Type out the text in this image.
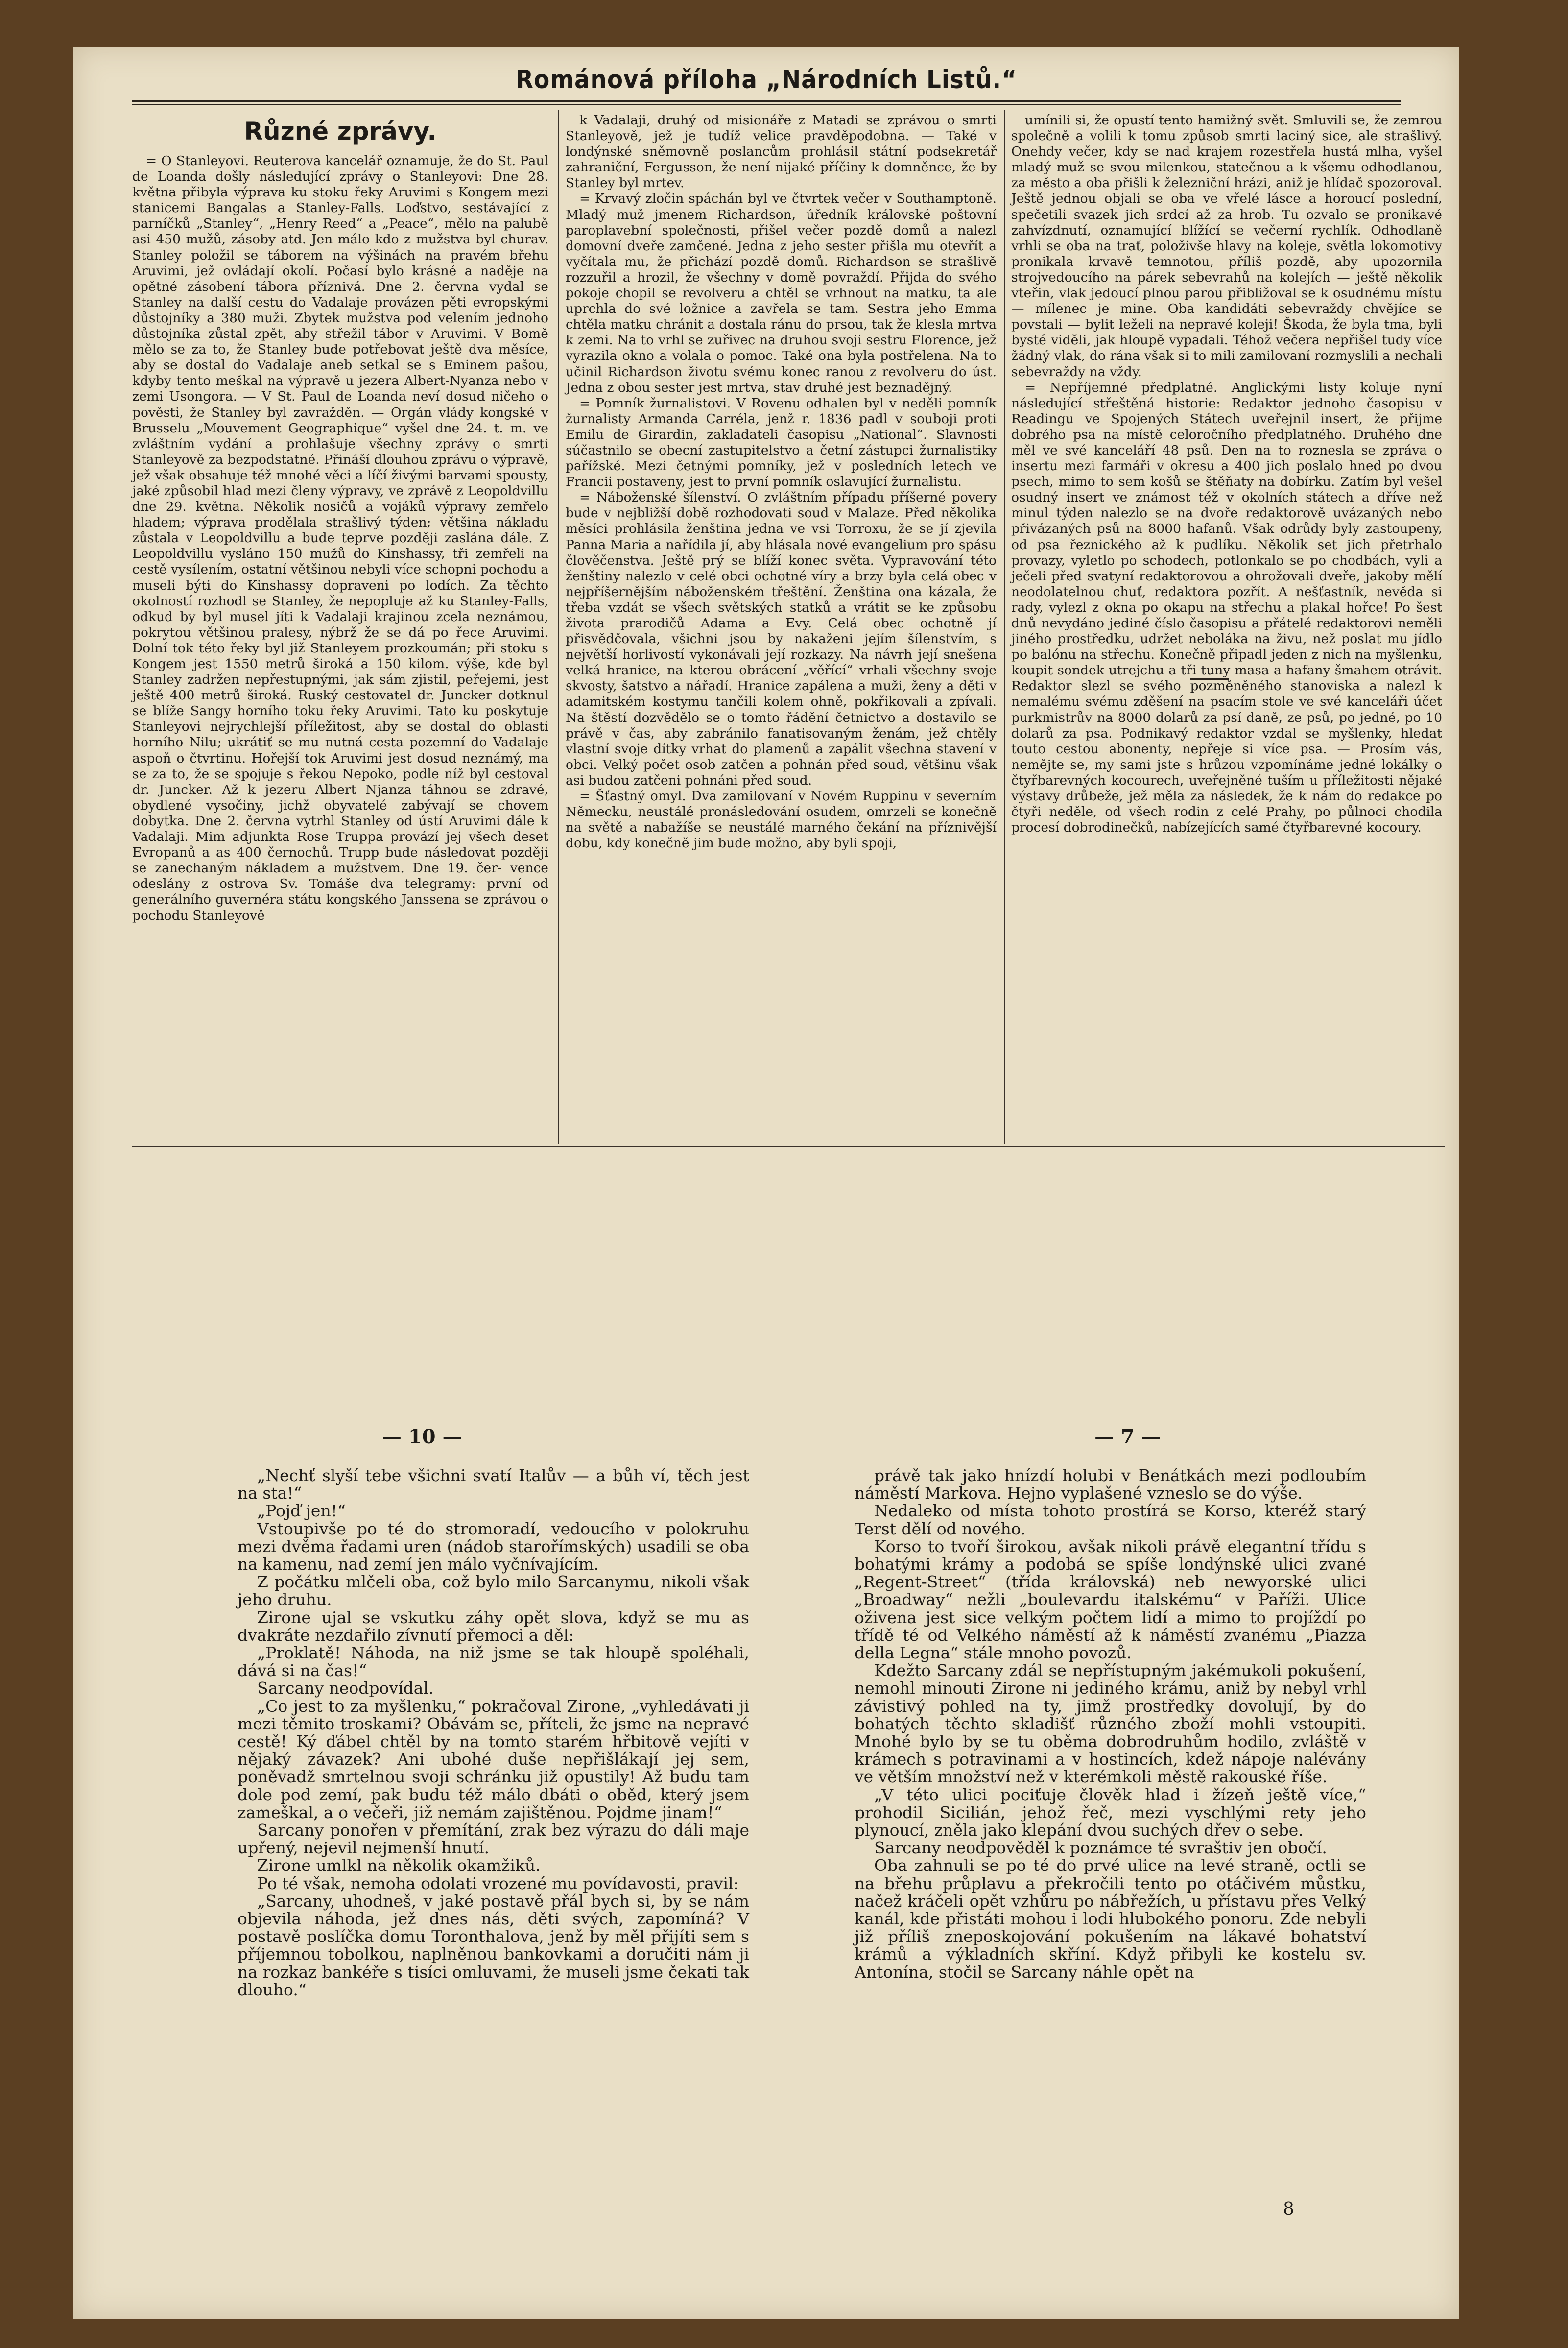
Románová příloha „Národních Listů.“

Různé zprávy.

= O Stanleyovi. Reuterova kancelář oznamuje, že do St. Paul de Loanda došly následující zprávy o Stanleyovi: Dne 28. května přibyla výprava ku stoku řeky Aruvimi s Kongem mezi stanicemi Bangalas a Stanley-Falls. Loďstvo, sestávající z parníčků „Stanley“, „Henry Reed“ a „Peace“, mělo na palubě asi 450 mužů, zásoby atd. Jen málo kdo z mužstva byl churav. Stanley položil se táborem na výšinách na pravém břehu Aruvimi, jež ovládají okolí. Počasí bylo krásné a naděje na opětné zásobení tábora příznivá. Dne 2. června vydal se Stanley na další cestu do Vadalaje provázen pěti evropskými důstojníky a 380 muži. Zbytek mužstva pod velením jednoho důstojníka zůstal zpět, aby střežil tábor v Aruvimi. V Bomě mělo se za to, že Stanley bude potřebovat ještě dva měsíce, aby se dostal do Vadalaje aneb setkal se s Eminem pašou, kdyby tento meškal na výpravě u jezera Albert-Nyanza nebo v zemi Usongora. — V St. Paul de Loanda neví dosud ničeho o pověsti, že Stanley byl zavražděn. — Orgán vlády kongské v Brusselu „Mouvement Geographique“ vyšel dne 24. t. m. ve zvláštním vydání a prohlašuje všechny zprávy o smrti Stanleyově za bezpodstatné. Přináší dlouhou zprávu o výpravě, jež však obsahuje též mnohé věci a líčí živými barvami spousty, jaké způsobil hlad mezi členy výpravy, ve zprávě z Leopoldvillu dne 29. května. Několik nosičů a vojáků výpravy zemřelo hladem; výprava prodělala strašlivý týden; většina nákladu zůstala v Leopoldvillu a bude teprve později zaslána dále. Z Leopoldvillu vysláno 150 mužů do Kinshassy, tři zemřeli na cestě vysílením, ostatní většinou nebyli více schopni pochodu a museli býti do Kinshassy dopraveni po lodích. Za těchto okolností rozhodl se Stanley, že nepopluje až ku Stanley-Falls, odkud by byl musel jíti k Vadalaji krajinou zcela neznámou, pokrytou většinou pralesy, nýbrž že se dá po řece Aruvimi. Dolní tok této řeky byl již Stanleyem prozkoumán; při stoku s Kongem jest 1550 metrů široká a 150 kilom. výše, kde byl Stanley zadržen nepřestupnými, jak sám zjistil, peřejemi, jest ještě 400 metrů široká. Ruský cestovatel dr. Juncker dotknul se blíže Sangy horního toku řeky Aruvimi. Tato ku poskytuje Stanleyovi nejrychlejší příležitost, aby se dostal do oblasti horního Nilu; ukrátiť se mu nutná cesta pozemní do Vadalaje aspoň o čtvrtinu. Hořejší tok Aruvimi jest dosud neznámý, ma se za to, že se spojuje s řekou Nepoko, podle níž byl cestoval dr. Juncker. Až k jezeru Albert Njanza táhnou se zdravé, obydlené vysočiny, jichž obyvatelé zabývají se chovem dobytka. Dne 2. června vytrhl Stanley od ústí Aruvimi dále k Vadalaji. Mim adjunkta Rose Truppa provází jej všech deset Evropanů a as 400 černochů. Trupp bude následovat později se zanechaným nákladem a mužstvem. Dne 19. čer- vence odeslány z ostrova Sv. Tomáše dva telegramy: první od generálního guvernéra státu kongského Janssena se zprávou o pochodu Stanleyově

k Vadalaji, druhý od misionáře z Matadi se zprávou o smrti Stanleyově, jež je tudíž velice pravděpodobna. — Také v londýnské sněmovně poslancům prohlásil státní podsekretář zahraniční, Fergusson, že není nijaké příčiny k domněnce, že by Stanley byl mrtev.

= Krvavý zločin spáchán byl ve čtvrtek večer v Southamptoně. Mladý muž jmenem Richardson, úředník královské poštovní paroplavební společnosti, přišel večer pozdě domů a nalezl domovní dveře zamčené. Jedna z jeho sester přišla mu otevřít a vyčítala mu, že přichází pozdě domů. Richardson se strašlivě rozzuřil a hrozil, že všechny v domě povraždí. Přijda do svého pokoje chopil se revolveru a chtěl se vrhnout na matku, ta ale uprchla do své ložnice a zavřela se tam. Sestra jeho Emma chtěla matku chránit a dostala ránu do prsou, tak že klesla mrtva k zemi. Na to vrhl se zuřivec na druhou svoji sestru Florence, jež vyrazila okno a volala o pomoc. Také ona byla postřelena. Na to učinil Richardson životu svému konec ranou z revolveru do úst. Jedna z obou sester jest mrtva, stav druhé jest beznadějný.

= Pomník žurnalistovi. V Rovenu odhalen byl v neděli pomník žurnalisty Armanda Carréla, jenž r. 1836 padl v souboji proti Emilu de Girardin, zakladateli časopisu „National“. Slavnosti súčastnilo se obecní zastupitelstvo a četní zástupci žurnalistiky pařížské. Mezi četnými pomníky, jež v posledních letech ve Francii postaveny, jest to první pomník oslavující žurnalistu.

= Náboženské šílenství. O zvláštním případu příšerné povery bude v nejbližší době rozhodovati soud v Malaze. Před několika měsíci prohlásila ženština jedna ve vsi Torroxu, že se jí zjevila Panna Maria a nařídila jí, aby hlásala nové evangelium pro spásu člověčenstva. Ještě prý se blíží konec světa. Vypravování této ženštiny nalezlo v celé obci ochotné víry a brzy byla celá obec v nejpříšernějším náboženském třeštění. Ženština ona kázala, že třeba vzdát se všech světských statků a vrátit se ke způsobu života prarodičů Adama a Evy. Celá obec ochotně jí přisvědčovala, všichni jsou by nakaženi jejím šílenstvím, s největší horlivostí vykonávali její rozkazy. Na návrh její snešena velká hranice, na kterou obrácení „věřící“ vrhali všechny svoje skvosty, šatstvo a nářadí. Hranice zapálena a muži, ženy a děti v adamitském kostymu tančili kolem ohně, pokřikovali a zpívali. Na štěstí dozvědělo se o tomto řádění četnictvo a dostavilo se právě v čas, aby zabránilo fanatisovaným ženám, jež chtěly vlastní svoje dítky vrhat do plamenů a zapálit všechna stavení v obci. Velký počet osob zatčen a pohnán před soud, většinu však asi budou zatčeni pohnáni před soud.

= Šťastný omyl. Dva zamilovaní v Novém Ruppinu v severním Německu, neustálé pronásledování osudem, omrzeli se konečně na světě a nabažíše se neustálé marného čekání na příznivější dobu, kdy konečně jim bude možno, aby byli spoji,

umínili si, že opustí tento hamižný svět. Smluvili se, že zemrou společně a volili k tomu způsob smrti laciný sice, ale strašlivý. Onehdy večer, kdy se nad krajem rozestřela hustá mlha, vyšel mladý muž se svou milenkou, statečnou a k všemu odhodlanou, za město a oba přišli k železniční hrázi, aniž je hlídač spozoroval. Ještě jednou objali se oba ve vřelé lásce a horoucí poslední, spečetili svazek jich srdcí až za hrob. Tu ozvalo se pronikavé zahvízdnutí, oznamující blížící se večerní rychlík. Odhodlaně vrhli se oba na trať, položivše hlavy na koleje, světla lokomotivy pronikala krvavě temnotou, příliš pozdě, aby upozornila strojvedoucího na párek sebevrahů na kolejích — ještě několik vteřin, vlak jedoucí plnou parou přibližoval se k osudnému místu — mílenec je mine. Oba kandidáti sebevraždy chvějíce se povstali — bylit leželi na nepravé koleji! Škoda, že byla tma, byli bysté viděli, jak hloupě vypadali. Téhož večera nepřišel tudy více žádný vlak, do rána však si to mili zamilovaní rozmyslili a nechali sebevraždy na vždy.

= Nepříjemné předplatné. Anglickými listy koluje nyní následující střeštěná historie: Redaktor jednoho časopisu v Readingu ve Spojených Státech uveřejnil insert, že přijme dobrého psa na místě celoročního předplatného. Druhého dne měl ve své kanceláří 48 psů. Den na to roznesla se zpráva o insertu mezi farmáři v okresu a 400 jich poslalo hned po dvou psech, mimo to sem košů se štěňaty na dobírku. Zatím byl vešel osudný insert ve známost též v okolních státech a dříve než minul týden nalezlo se na dvoře redaktorově uvázaných nebo přivázaných psů na 8000 hafanů. Však odrůdy byly zastoupeny, od psa řeznického až k pudlíku. Několik set jich přetrhalo provazy, vyletlo po schodech, potlonkalo se po chodbách, vyli a ječeli před svatyní redaktorovou a ohrožovali dveře, jakoby mělí neodolatelnou chuť, redaktora pozřít. A nešťastník, nevěda si rady, vylezl z okna po okapu na střechu a plakal hořce! Po šest dnů nevydáno jediné číslo časopisu a přátelé redaktorovi neměli jiného prostředku, udržet neboláka na živu, než poslat mu jídlo po balónu na střechu. Konečně připadl jeden z nich na myšlenku, koupit sondek utrejchu a tři tuny masa a hafany šmahem otrávit. Redaktor slezl se svého pozměněného stanoviska a nalezl k nemalému svému zděšení na psacím stole ve své kanceláři účet purkmistrův na 8000 dolarů za psí daně, ze psů, po jedné, po 10 dolarů za psa. Podnikavý redaktor vzdal se myšlenky, hledat touto cestou abonenty, nepřeje si více psa. — Prosím vás, nemějte se, my sami jste s hrůzou vzpomínáme jedné lokálky o čtyřbarevných kocourech, uveřejněné tuším u příležitosti nějaké výstavy drůbeže, jež měla za následek, že k nám do redakce po čtyři neděle, od všech rodin z celé Prahy, po půlnoci chodila procesí dobrodinečků, nabízejících samé čtyřbarevné kocoury.

— 10 —	— 7 —

„Nechť slyší tebe všichni svatí Italův — a bůh ví, těch jest na sta!“

„Pojď jen!“

Vstoupivše po té do stromoradí, vedoucího v polokruhu mezi dvěma řadami uren (nádob starořímských) usadili se oba na kamenu, nad zemí jen málo vyčnívajícím.

Z počátku mlčeli oba, což bylo milo Sarcanymu, nikoli však jeho druhu.

Zirone ujal se vskutku záhy opět slova, když se mu as dvakráte nezdařilo zívnutí přemoci a děl:

„Proklatě! Náhoda, na niž jsme se tak hloupě spoléhali, dává si na čas!“

Sarcany neodpovídal.

„Co jest to za myšlenku,“ pokračoval Zirone, „vyhledávati ji mezi těmito troskami? Obávám se, příteli, že jsme na nepravé cestě! Ký ďábel chtěl by na tomto starém hřbitově vejíti v nějaký závazek? Ani ubohé duše nepřišlákají jej sem, poněvadž smrtelnou svoji schránku již opustily! Až budu tam dole pod zemí, pak budu též málo dbáti o oběd, který jsem zameškal, a o večeři, již nemám zajištěnou. Pojdme jinam!“

Sarcany ponořen v přemítání, zrak bez výrazu do dáli maje upřený, nejevil nejmenší hnutí.

Zirone umlkl na několik okamžiků.

Po té však, nemoha odolati vrozené mu povídavosti, pravil:

„Sarcany, uhodneš, v jaké postavě přál bych si, by se nám objevila náhoda, jež dnes nás, děti svých, zapomíná? V postavě poslíčka domu Toronthalova, jenž by měl přijíti sem s příjemnou tobolkou, naplněnou bankovkami a doručiti nám ji na rozkaz bankéře s tisíci omluvami, že museli jsme čekati tak dlouho.“

právě tak jako hnízdí holubi v Benátkách mezi podloubím náměstí Markova. Hejno vyplašené vzneslo se do výše.

Nedaleko od místa tohoto prostírá se Korso, kteréž starý Terst dělí od nového.

Korso to tvoří širokou, avšak nikoli právě elegantní třídu s bohatými krámy a podobá se spíše londýnské ulici zvané „Regent-Street“ (třída královská) neb newyorské ulici „Broadway“ nežli „boulevardu italskému“ v Paříži. Ulice oživena jest sice velkým počtem lidí a mimo to projíždí po třídě té od Velkého náměstí až k náměstí zvanému „Piazza della Legna“ stále mnoho povozů.

Kdežto Sarcany zdál se nepřístupným jakémukoli pokušení, nemohl minouti Zirone ni jediného krámu, aniž by nebyl vrhl závistivý pohled na ty, jimž prostředky dovolují, by do bohatých těchto skladišť různého zboží mohli vstoupiti. Mnohé bylo by se tu oběma dobrodruhům hodilo, zvláště v krámech s potravinami a v hostincích, kdež nápoje nalévány ve větším množství než v kterémkoli městě rakouské říše.

„V této ulici pociťuje člověk hlad i žízeň ještě více,“ prohodil Sicilián, jehož řeč, mezi vyschlými rety jeho plynoucí, zněla jako klepání dvou suchých dřev o sebe.

Sarcany neodpověděl k poznámce té svraštiv jen obočí.

Oba zahnuli se po té do prvé ulice na levé straně, octli se na břehu průplavu a překročili tento po otáčivém můstku, načež kráčeli opět vzhůru po nábřežích, u přístavu přes Velký kanál, kde přistáti mohou i lodi hlubokého ponoru. Zde nebyli již příliš zneposkojování pokušením na lákavé bohatství krámů a výkladních skříní. Když přibyli ke kostelu sv. Antonína, stočil se Sarcany náhle opět na

8
